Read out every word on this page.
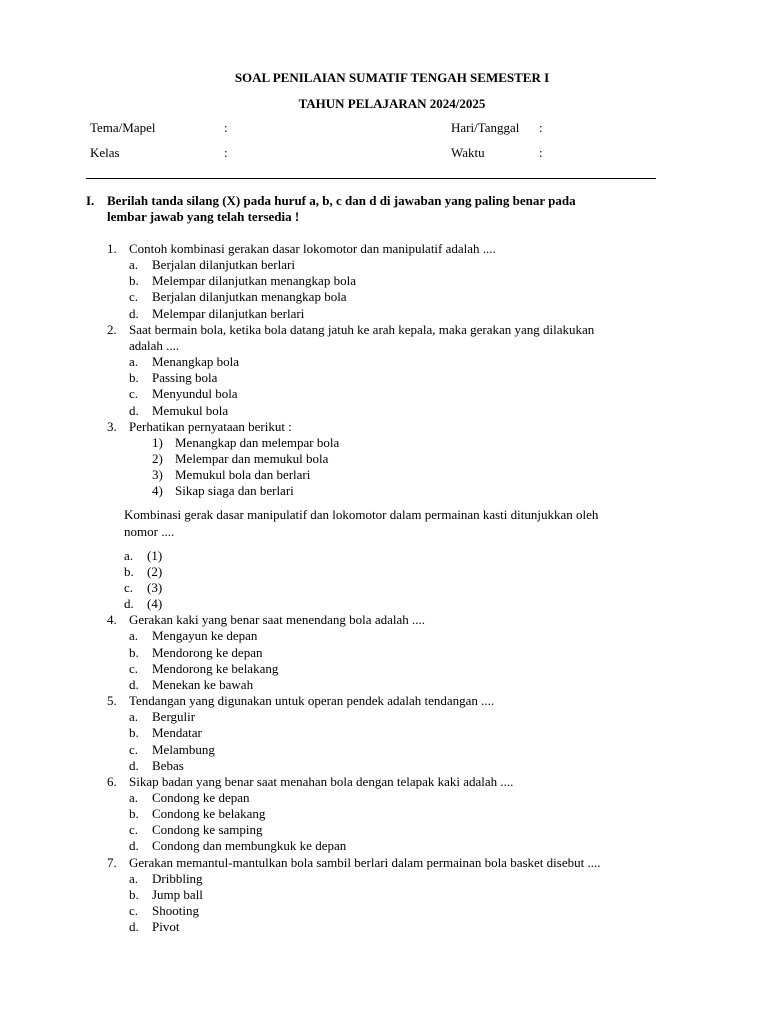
SOAL PENILAIAN SUMATIF TENGAH SEMESTER I
TAHUN PELAJARAN 2024/2025
Tema/Mapel	:	Hari/Tanggal :
Kelas	:	Waktu	:
I. Berilah tanda silang (X) pada huruf a, b, c dan d di jawaban yang paling benar pada
lembar jawab yang telah tersedia !
1. Contoh kombinasi gerakan dasar lokomotor dan manipulatif adalah ....
a. Berjalan dilanjutkan berlari
b. Melempar dilanjutkan menangkap bola
c. Berjalan dilanjutkan menangkap bola
d. Melempar dilanjutkan berlari
2. Saat bermain bola, ketika bola datang jatuh ke arah kepala, maka gerakan yang dilakukan
adalah ....
a. Menangkap bola
b. Passing bola
c. Menyundul bola
d. Memukul bola
3. Perhatikan pernyataan berikut :
1) Menangkap dan melempar bola
2) Melempar dan memukul bola
3) Memukul bola dan berlari
4) Sikap siaga dan berlari
Kombinasi gerak dasar manipulatif dan lokomotor dalam permainan kasti ditunjukkan oleh
nomor ....
a. (1)
b. (2)
c. (3)
d. (4)
4. Gerakan kaki yang benar saat menendang bola adalah ....
a. Mengayun ke depan
b. Mendorong ke depan
c. Mendorong ke belakang
d. Menekan ke bawah
5. Tendangan yang digunakan untuk operan pendek adalah tendangan ....
a. Bergulir
b. Mendatar
c. Melambung
d. Bebas
6. Sikap badan yang benar saat menahan bola dengan telapak kaki adalah ....
a. Condong ke depan
b. Condong ke belakang
c. Condong ke samping
d. Condong dan membungkuk ke depan
7. Gerakan memantul-mantulkan bola sambil berlari dalam permainan bola basket disebut ....
a. Dribbling
b. Jump ball
c. Shooting
d. Pivot
